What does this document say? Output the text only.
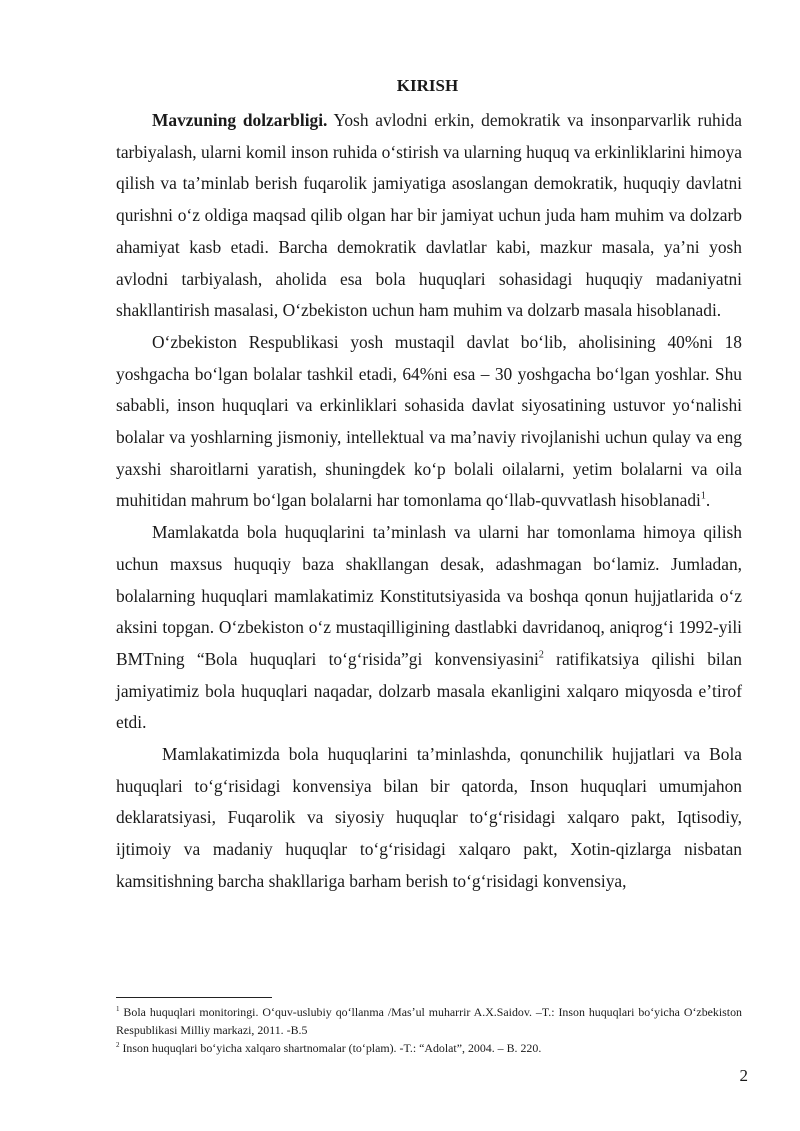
KIRISH

Mavzuning dolzarbligi. Yosh avlodni erkin, demokratik va insonparvarlik ruhida tarbiyalash, ularni komil inson ruhida oʻstirish va ularning huquq va erkinliklarini himoya qilish va taʼminlab berish fuqarolik jamiyatiga asoslangan demokratik, huquqiy davlatni qurishni oʻz oldiga maqsad qilib olgan har bir jamiyat uchun juda ham muhim va dolzarb ahamiyat kasb etadi. Barcha demokratik davlatlar kabi, mazkur masala, yaʼni yosh avlodni tarbiyalash, aholida esa bola huquqlari sohasidagi huquqiy madaniyatni shakllantirish masalasi, Oʻzbekiston uchun ham muhim va dolzarb masala hisoblanadi.

Oʻzbekiston Respublikasi yosh mustaqil davlat boʻlib, aholisining 40%ni 18 yoshgacha boʻlgan bolalar tashkil etadi, 64%ni esa – 30 yoshgacha boʻlgan yoshlar. Shu sababli, inson huquqlari va erkinliklari sohasida davlat siyosatining ustuvor yoʻnalishi bolalar va yoshlarning jismoniy, intellektual va maʼnaviy rivojlanishi uchun qulay va eng yaxshi sharoitlarni yaratish, shuningdek koʻp bolali oilalarni, yetim bolalarni va oila muhitidan mahrum boʻlgan bolalarni har tomonlama qoʻllab-quvvatlash hisoblanadi$^1$.

Mamlakatda bola huquqlarini taʼminlash va ularni har tomonlama himoya qilish uchun maxsus huquqiy baza shakllangan desak, adashmagan boʻlamiz. Jumladan, bolalarning huquqlari mamlakatimiz Konstitutsiyasida va boshqa qonun hujjatlarida oʻz aksini topgan. Oʻzbekiston oʻz mustaqilligining dastlabki davridanoq, aniqrogʻi 1992-yili BMTning “Bola huquqlari toʻgʻrisida”gi konvensiyasini$^2$ ratifikatsiya qilishi bilan jamiyatimiz bola huquqlari naqadar, dolzarb masala ekanligini xalqaro miqyosda eʼtirof etdi.

Mamlakatimizda bola huquqlarini taʼminlashda, qonunchilik hujjatlari va Bola huquqlari toʻgʻrisidagi konvensiya bilan bir qatorda, Inson huquqlari umumjahon deklaratsiyasi, Fuqarolik va siyosiy huquqlar toʻgʻrisidagi xalqaro pakt, Iqtisodiy, ijtimoiy va madaniy huquqlar toʻgʻrisidagi xalqaro pakt, Xotin-qizlarga nisbatan kamsitishning barcha shakllariga barham berish toʻgʻrisidagi konvensiya,

$^1$ Bola huquqlari monitoringi. Oʻquv-uslubiy qoʻllanma /Masʼul muharrir A.X.Saidov. –T.: Inson huquqlari boʻyicha Oʻzbekiston Respublikasi Milliy markazi, 2011. -B.5

$^2$ Inson huquqlari boʻyicha xalqaro shartnomalar (toʻplam). -T.: “Adolat”, 2004. – B. 220.

2
